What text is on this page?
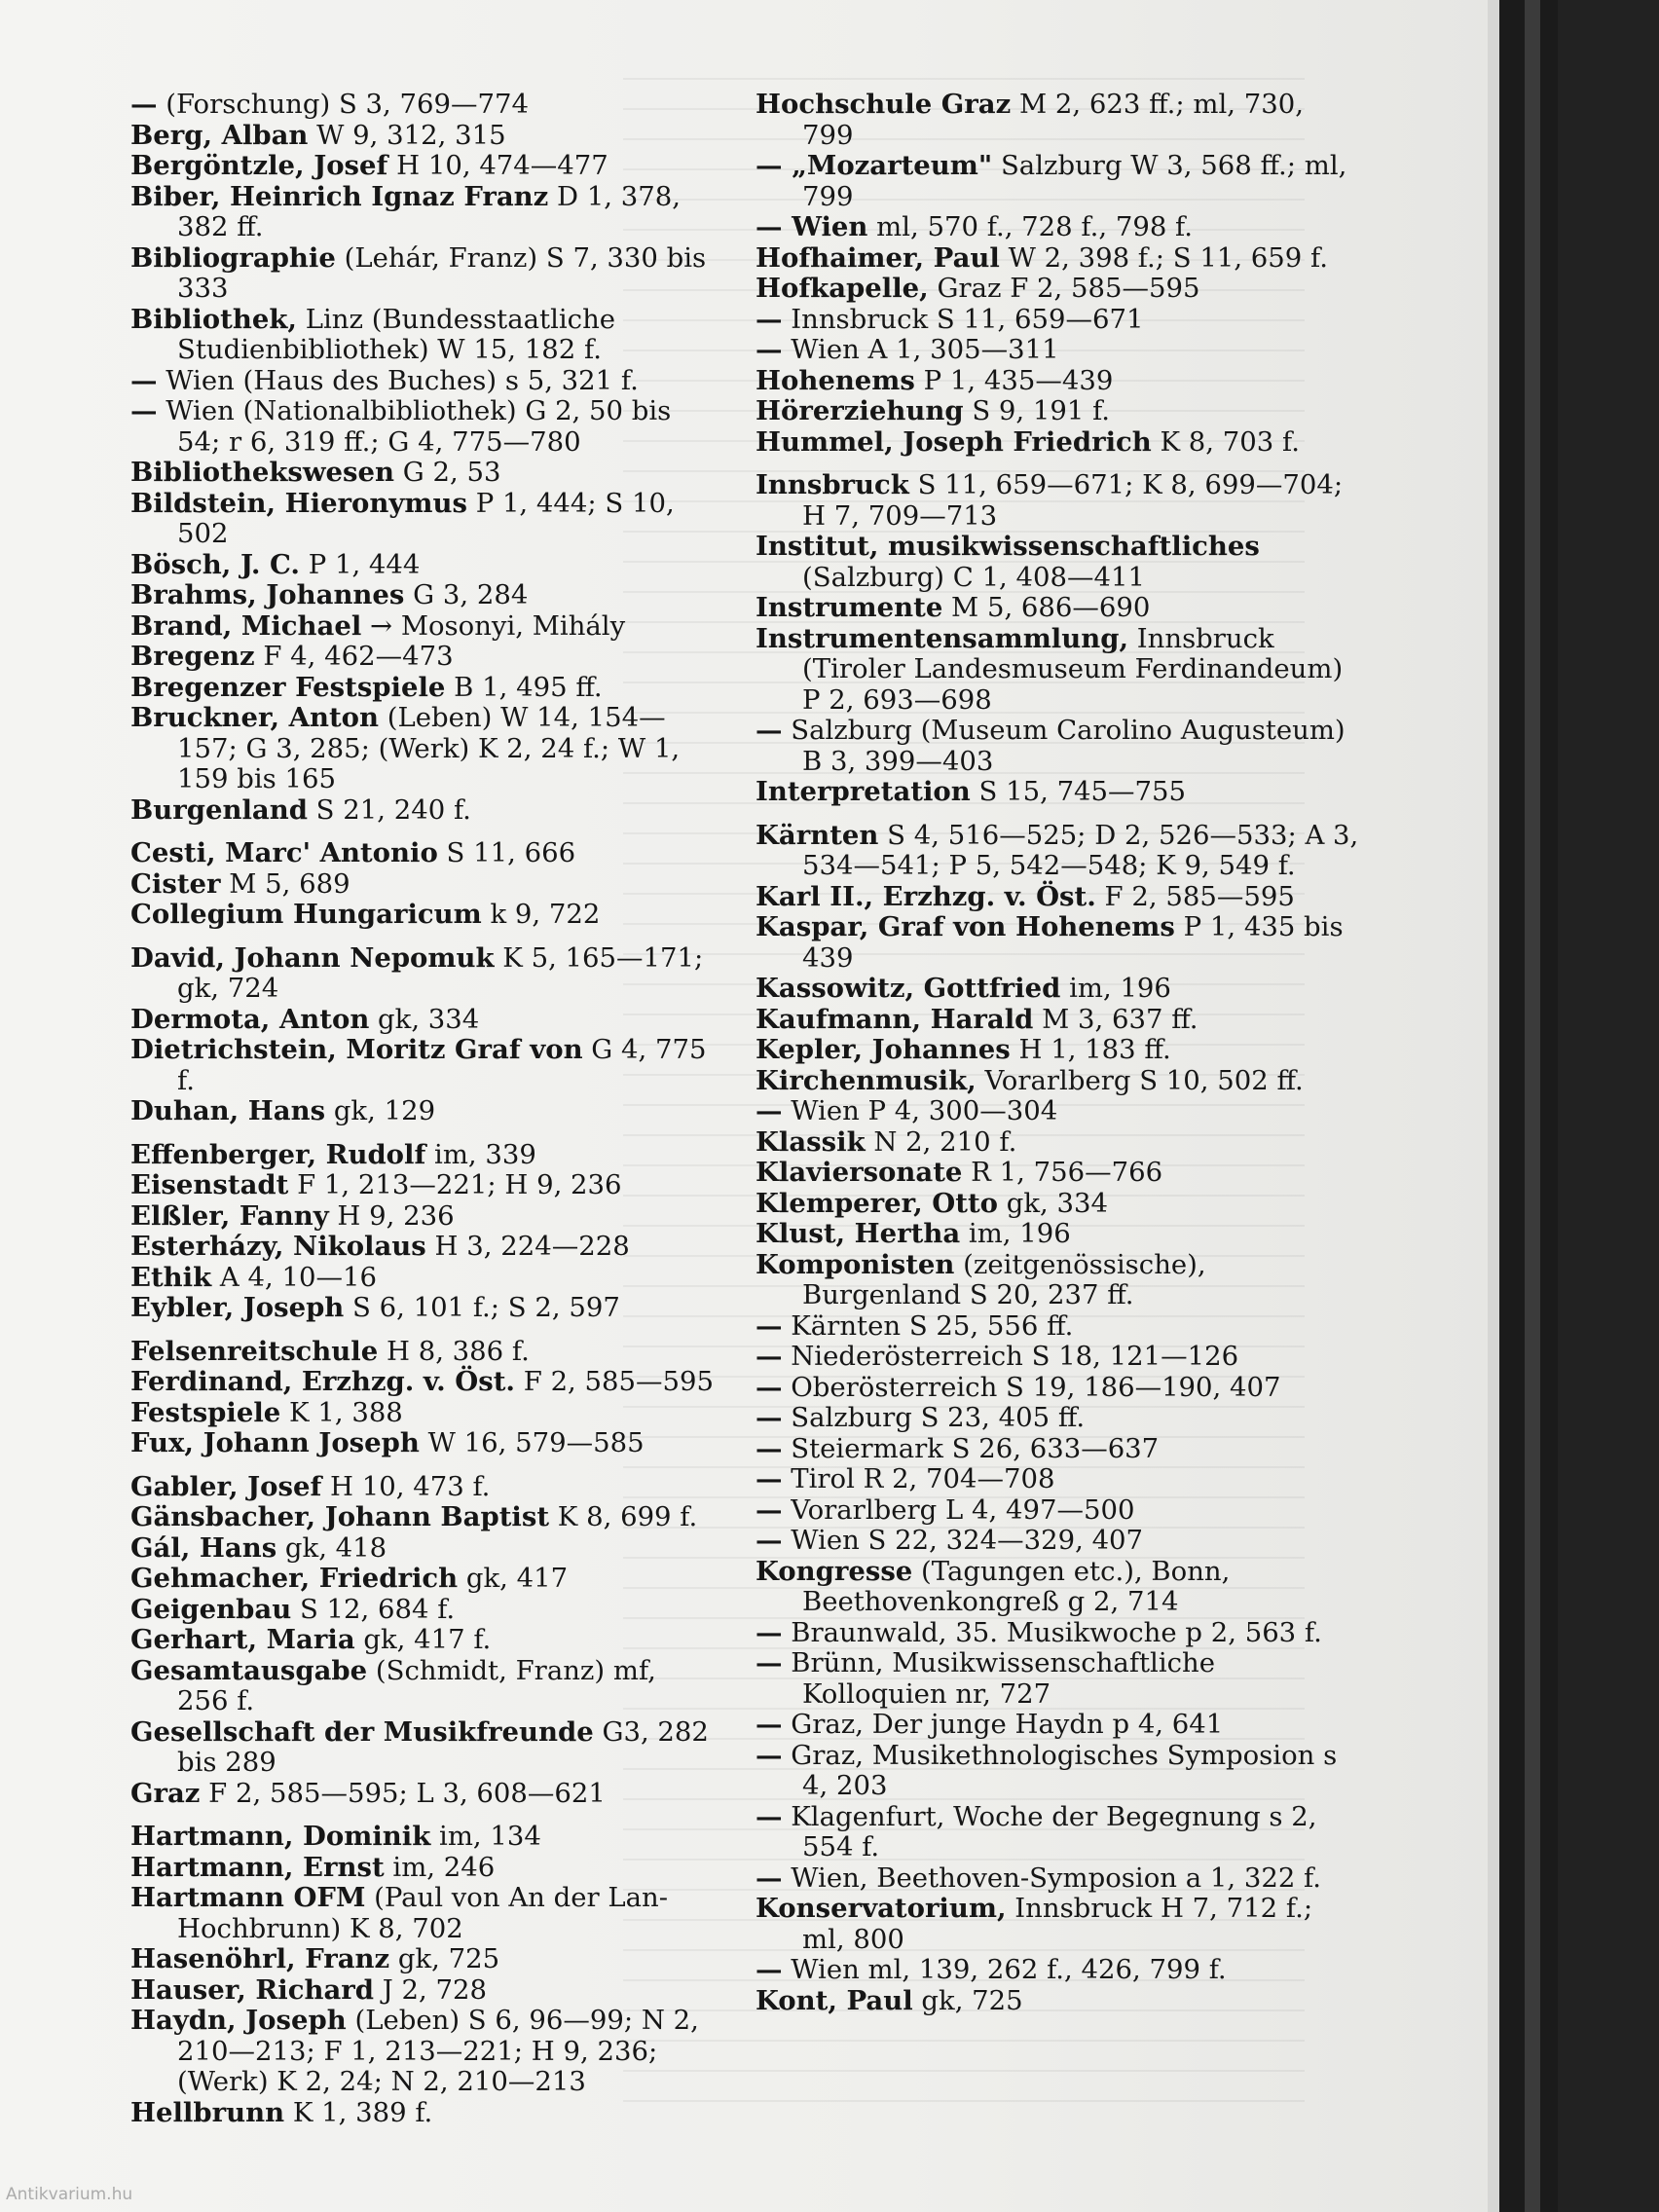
— (Forschung) S 3, 769—774

Berg, Alban W 9, 312, 315

Bergöntzle, Josef H 10, 474—477

Biber, Heinrich Ignaz Franz D 1, 378, 382 ff.

Bibliographie (Lehár, Franz) S 7, 330 bis 333

Bibliothek, Linz (Bundesstaatliche Studienbibliothek) W 15, 182 f.

— Wien (Haus des Buches) s 5, 321 f.

— Wien (Nationalbibliothek) G 2, 50 bis 54; r 6, 319 ff.; G 4, 775—780

Bibliothekswesen G 2, 53

Bildstein, Hieronymus P 1, 444; S 10, 502

Bösch, J. C. P 1, 444

Brahms, Johannes G 3, 284

Brand, Michael → Mosonyi, Mihály

Bregenz F 4, 462—473

Bregenzer Festspiele B 1, 495 ff.

Bruckner, Anton (Leben) W 14, 154—157; G 3, 285; (Werk) K 2, 24 f.; W 1, 159 bis 165

Burgenland S 21, 240 f.

Cesti, Marc' Antonio S 11, 666

Cister M 5, 689

Collegium Hungaricum k 9, 722

David, Johann Nepomuk K 5, 165—171; gk, 724

Dermota, Anton gk, 334

Dietrichstein, Moritz Graf von G 4, 775 f.

Duhan, Hans gk, 129

Effenberger, Rudolf im, 339

Eisenstadt F 1, 213—221; H 9, 236

Elßler, Fanny H 9, 236

Esterházy, Nikolaus H 3, 224—228

Ethik A 4, 10—16

Eybler, Joseph S 6, 101 f.; S 2, 597

Felsenreitschule H 8, 386 f.

Ferdinand, Erzhzg. v. Öst. F 2, 585—595

Festspiele K 1, 388

Fux, Johann Joseph W 16, 579—585

Gabler, Josef H 10, 473 f.

Gänsbacher, Johann Baptist K 8, 699 f.

Gál, Hans gk, 418

Gehmacher, Friedrich gk, 417

Geigenbau S 12, 684 f.

Gerhart, Maria gk, 417 f.

Gesamtausgabe (Schmidt, Franz) mf, 256 f.

Gesellschaft der Musikfreunde G3, 282 bis 289

Graz F 2, 585—595; L 3, 608—621

Hartmann, Dominik im, 134

Hartmann, Ernst im, 246

Hartmann OFM (Paul von An der Lan-Hochbrunn) K 8, 702

Hasenöhrl, Franz gk, 725

Hauser, Richard J 2, 728

Haydn, Joseph (Leben) S 6, 96—99; N 2, 210—213; F 1, 213—221; H 9, 236; (Werk) K 2, 24; N 2, 210—213

Hellbrunn K 1, 389 f.

Hochschule Graz M 2, 623 ff.; ml, 730, 799

— „Mozarteum" Salzburg W 3, 568 ff.; ml, 799

— Wien ml, 570 f., 728 f., 798 f.

Hofhaimer, Paul W 2, 398 f.; S 11, 659 f.

Hofkapelle, Graz F 2, 585—595

— Innsbruck S 11, 659—671

— Wien A 1, 305—311

Hohenems P 1, 435—439

Hörerziehung S 9, 191 f.

Hummel, Joseph Friedrich K 8, 703 f.

Innsbruck S 11, 659—671; K 8, 699—704; H 7, 709—713

Institut, musikwissenschaftliches (Salzburg) C 1, 408—411

Instrumente M 5, 686—690

Instrumentensammlung, Innsbruck (Tiroler Landesmuseum Ferdinandeum) P 2, 693—698

— Salzburg (Museum Carolino Augusteum) B 3, 399—403

Interpretation S 15, 745—755

Kärnten S 4, 516—525; D 2, 526—533; A 3, 534—541; P 5, 542—548; K 9, 549 f.

Karl II., Erzhzg. v. Öst. F 2, 585—595

Kaspar, Graf von Hohenems P 1, 435 bis 439

Kassowitz, Gottfried im, 196

Kaufmann, Harald M 3, 637 ff.

Kepler, Johannes H 1, 183 ff.

Kirchenmusik, Vorarlberg S 10, 502 ff.

— Wien P 4, 300—304

Klassik N 2, 210 f.

Klaviersonate R 1, 756—766

Klemperer, Otto gk, 334

Klust, Hertha im, 196

Komponisten (zeitgenössische), Burgenland S 20, 237 ff.

— Kärnten S 25, 556 ff.

— Niederösterreich S 18, 121—126

— Oberösterreich S 19, 186—190, 407

— Salzburg S 23, 405 ff.

— Steiermark S 26, 633—637

— Tirol R 2, 704—708

— Vorarlberg L 4, 497—500

— Wien S 22, 324—329, 407

Kongresse (Tagungen etc.), Bonn, Beethovenkongreß g 2, 714

— Braunwald, 35. Musikwoche p 2, 563 f.

— Brünn, Musikwissenschaftliche Kolloquien nr, 727

— Graz, Der junge Haydn p 4, 641

— Graz, Musikethnologisches Symposion s 4, 203

— Klagenfurt, Woche der Begegnung s 2, 554 f.

— Wien, Beethoven-Symposion a 1, 322 f.

Konservatorium, Innsbruck H 7, 712 f.; ml, 800

— Wien ml, 139, 262 f., 426, 799 f.

Kont, Paul gk, 725

Antikvarium.hu
